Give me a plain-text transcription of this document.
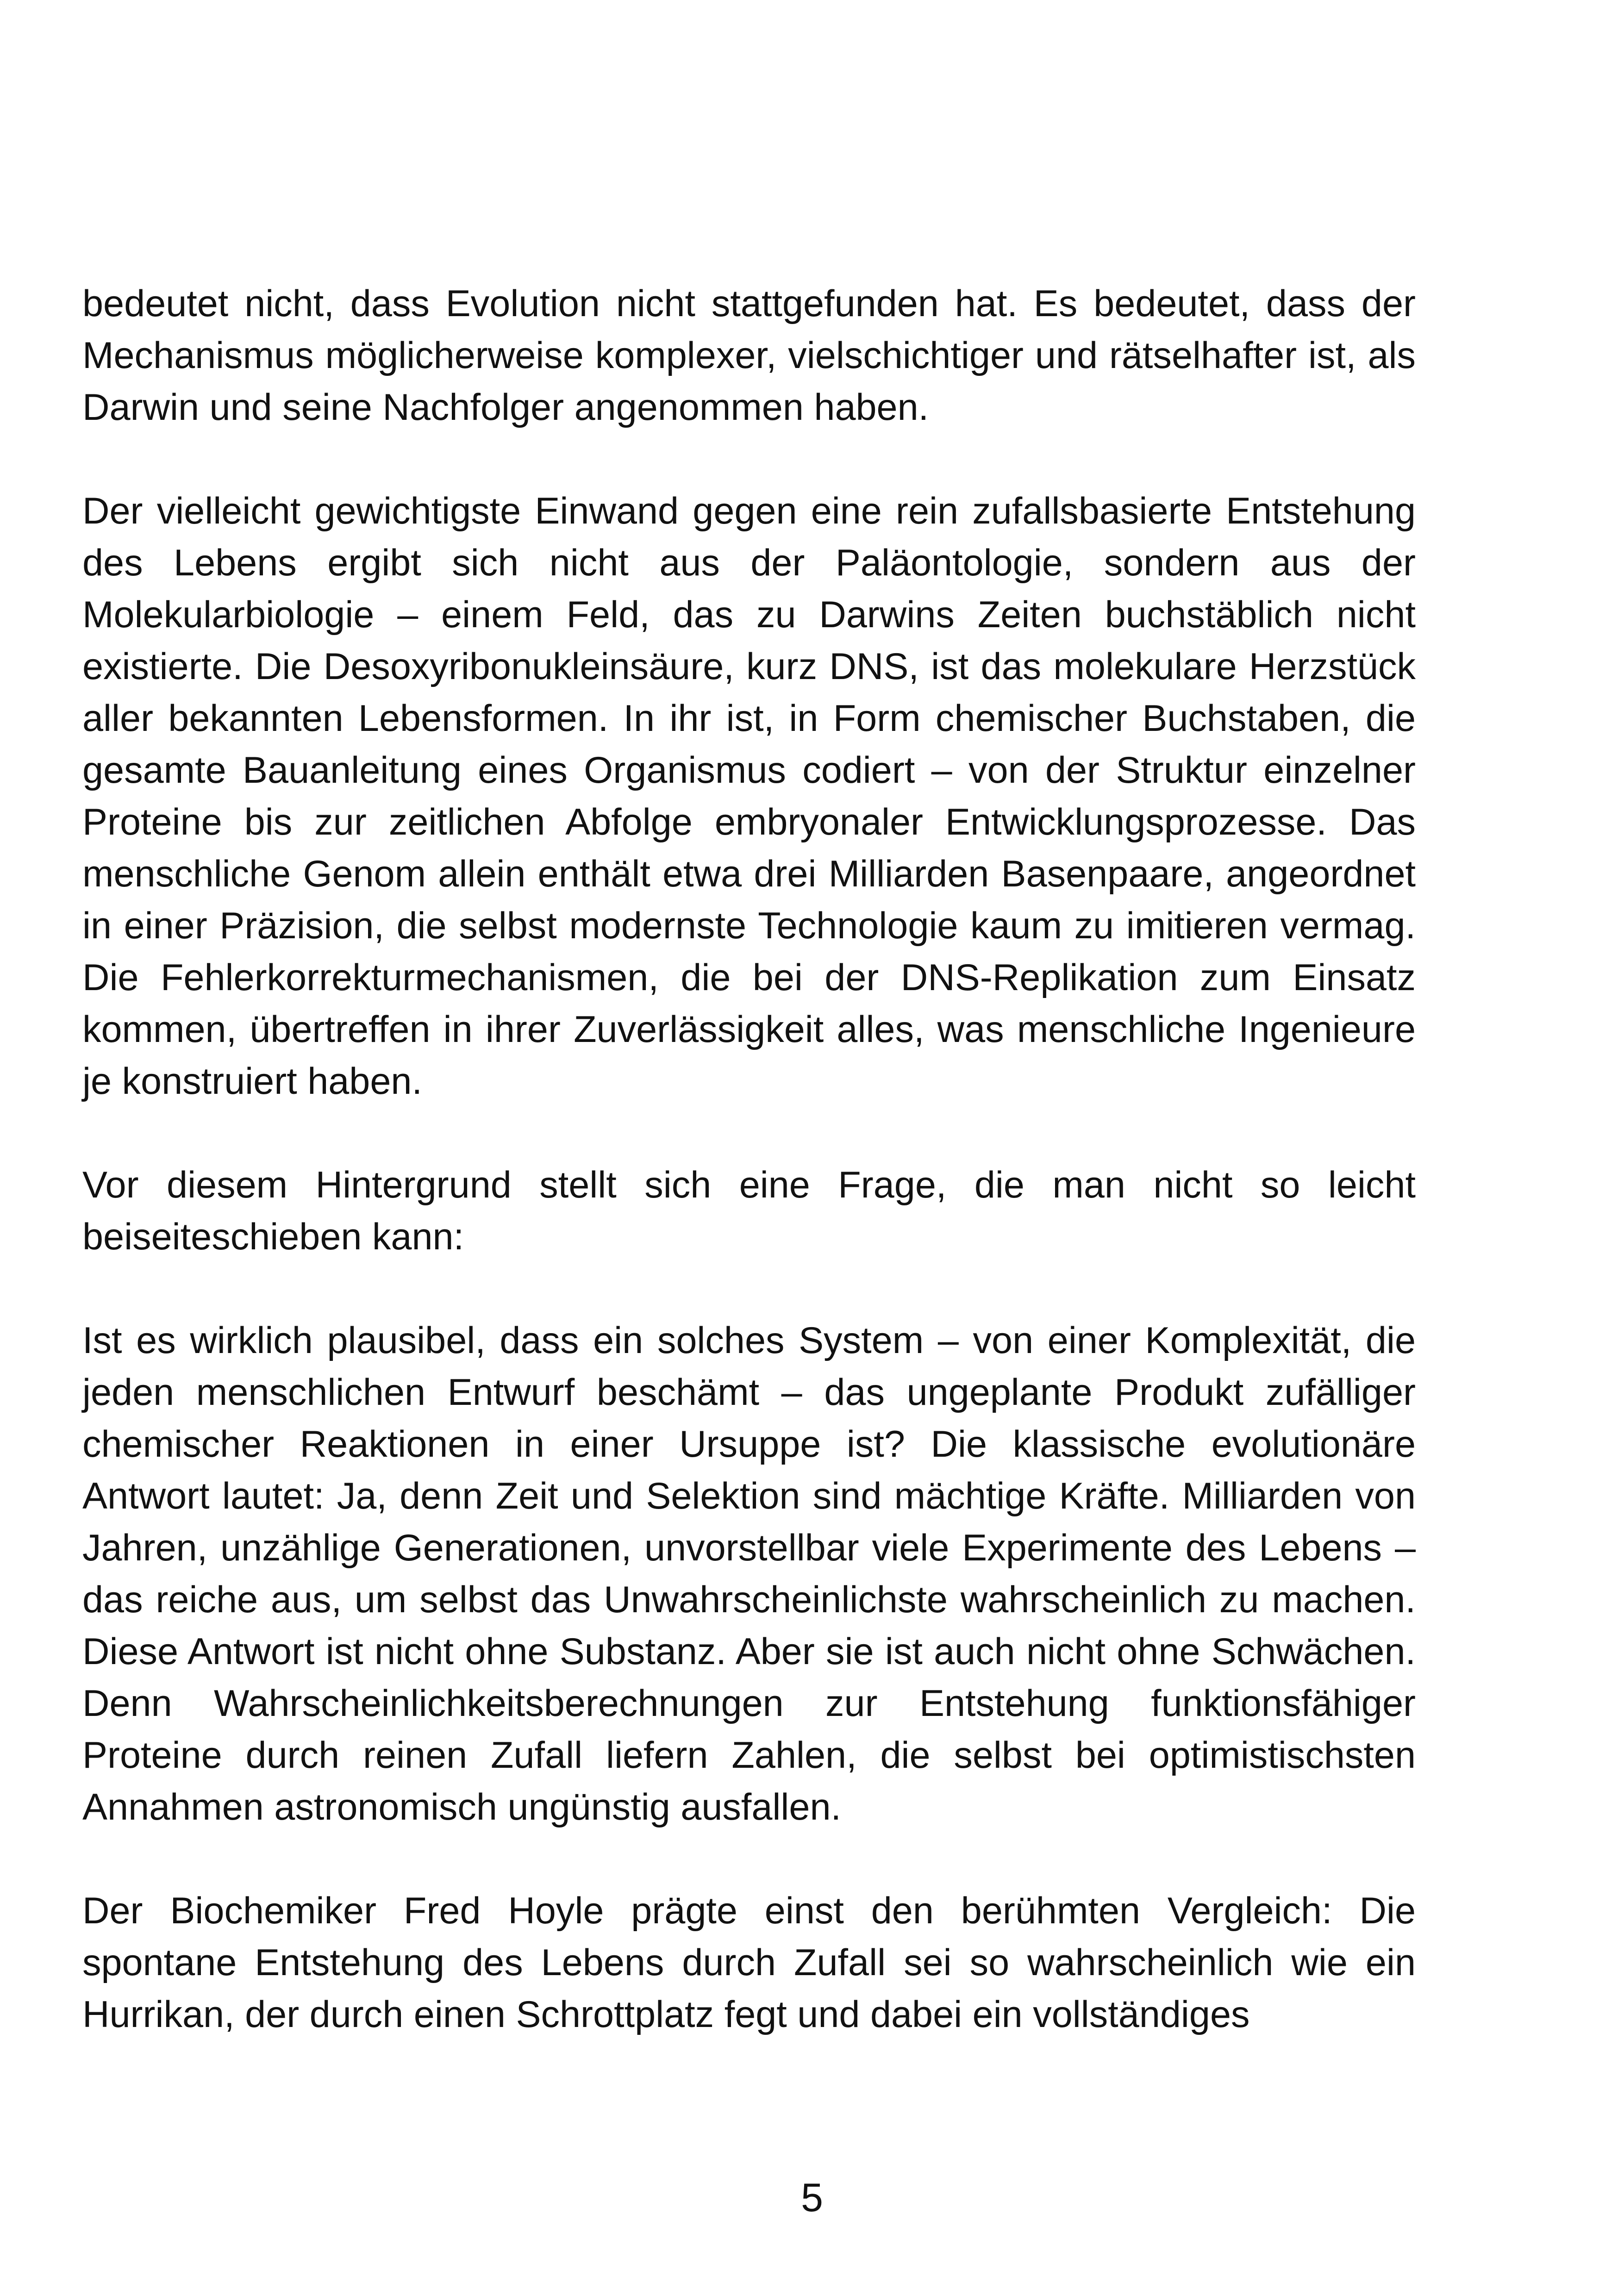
bedeutet nicht, dass Evolution nicht stattgefunden hat. Es bedeutet, dass der Mechanismus möglicherweise komplexer, vielschichtiger und rätselhafter ist, als Darwin und seine Nachfolger angenommen haben.

Der vielleicht gewichtigste Einwand gegen eine rein zufallsbasierte Entstehung des Lebens ergibt sich nicht aus der Paläontologie, sondern aus der Molekularbiologie – einem Feld, das zu Darwins Zeiten buchstäblich nicht existierte. Die Desoxyribonukleinsäure, kurz DNS, ist das molekulare Herzstück aller bekannten Lebensformen. In ihr ist, in Form chemischer Buchstaben, die gesamte Bauanleitung eines Organismus codiert – von der Struktur einzelner Proteine bis zur zeitlichen Abfolge embryonaler Entwicklungsprozesse. Das menschliche Genom allein enthält etwa drei Milliarden Basenpaare, angeordnet in einer Präzision, die selbst modernste Technologie kaum zu imitieren vermag. Die Fehlerkorrekturmechanismen, die bei der DNS-Replikation zum Einsatz kommen, übertreffen in ihrer Zuverlässigkeit alles, was menschliche Ingenieure je konstruiert haben.

Vor diesem Hintergrund stellt sich eine Frage, die man nicht so leicht beiseiteschieben kann:

Ist es wirklich plausibel, dass ein solches System – von einer Komplexität, die jeden menschlichen Entwurf beschämt – das ungeplante Produkt zufälliger chemischer Reaktionen in einer Ursuppe ist? Die klassische evolutionäre Antwort lautet: Ja, denn Zeit und Selektion sind mächtige Kräfte. Milliarden von Jahren, unzählige Generationen, unvorstellbar viele Experimente des Lebens – das reiche aus, um selbst das Unwahrscheinlichste wahrscheinlich zu machen. Diese Antwort ist nicht ohne Substanz. Aber sie ist auch nicht ohne Schwächen. Denn Wahrscheinlichkeitsberechnungen zur Entstehung funktionsfähiger Proteine durch reinen Zufall liefern Zahlen, die selbst bei optimistischsten Annahmen astronomisch ungünstig ausfallen.

Der Biochemiker Fred Hoyle prägte einst den berühmten Vergleich: Die spontane Entstehung des Lebens durch Zufall sei so wahrscheinlich wie ein Hurrikan, der durch einen Schrottplatz fegt und dabei ein vollständiges

5
